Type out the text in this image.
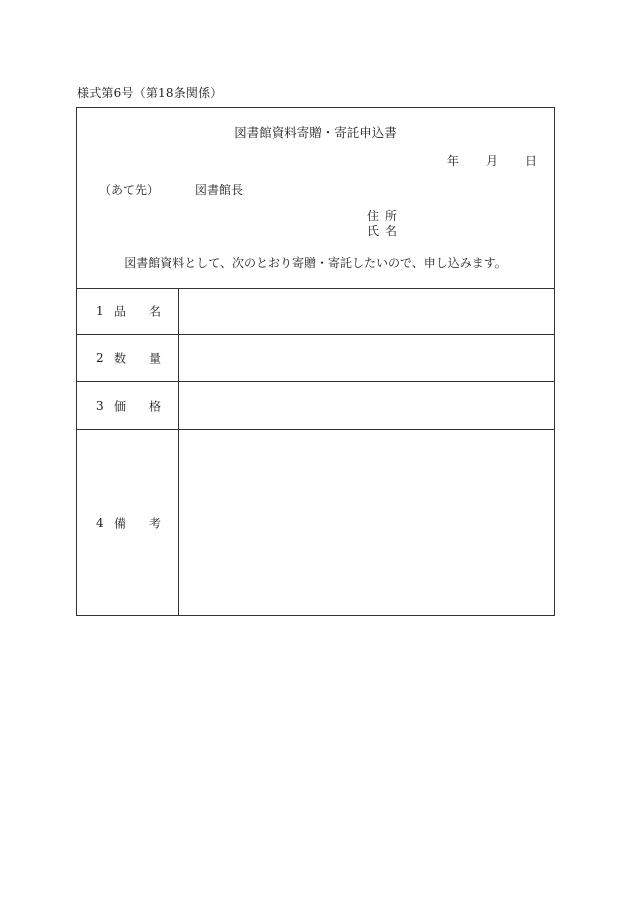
様式第6号（第18条関係）
図書館資料寄贈・寄託申込書
年 月 日
（あて先）	図書館長
住所
氏名
図書館資料として、次のとおり寄贈・寄託したいので、申し込みます。
1 品 名
2 数 量
3 価 格
4 備 考
